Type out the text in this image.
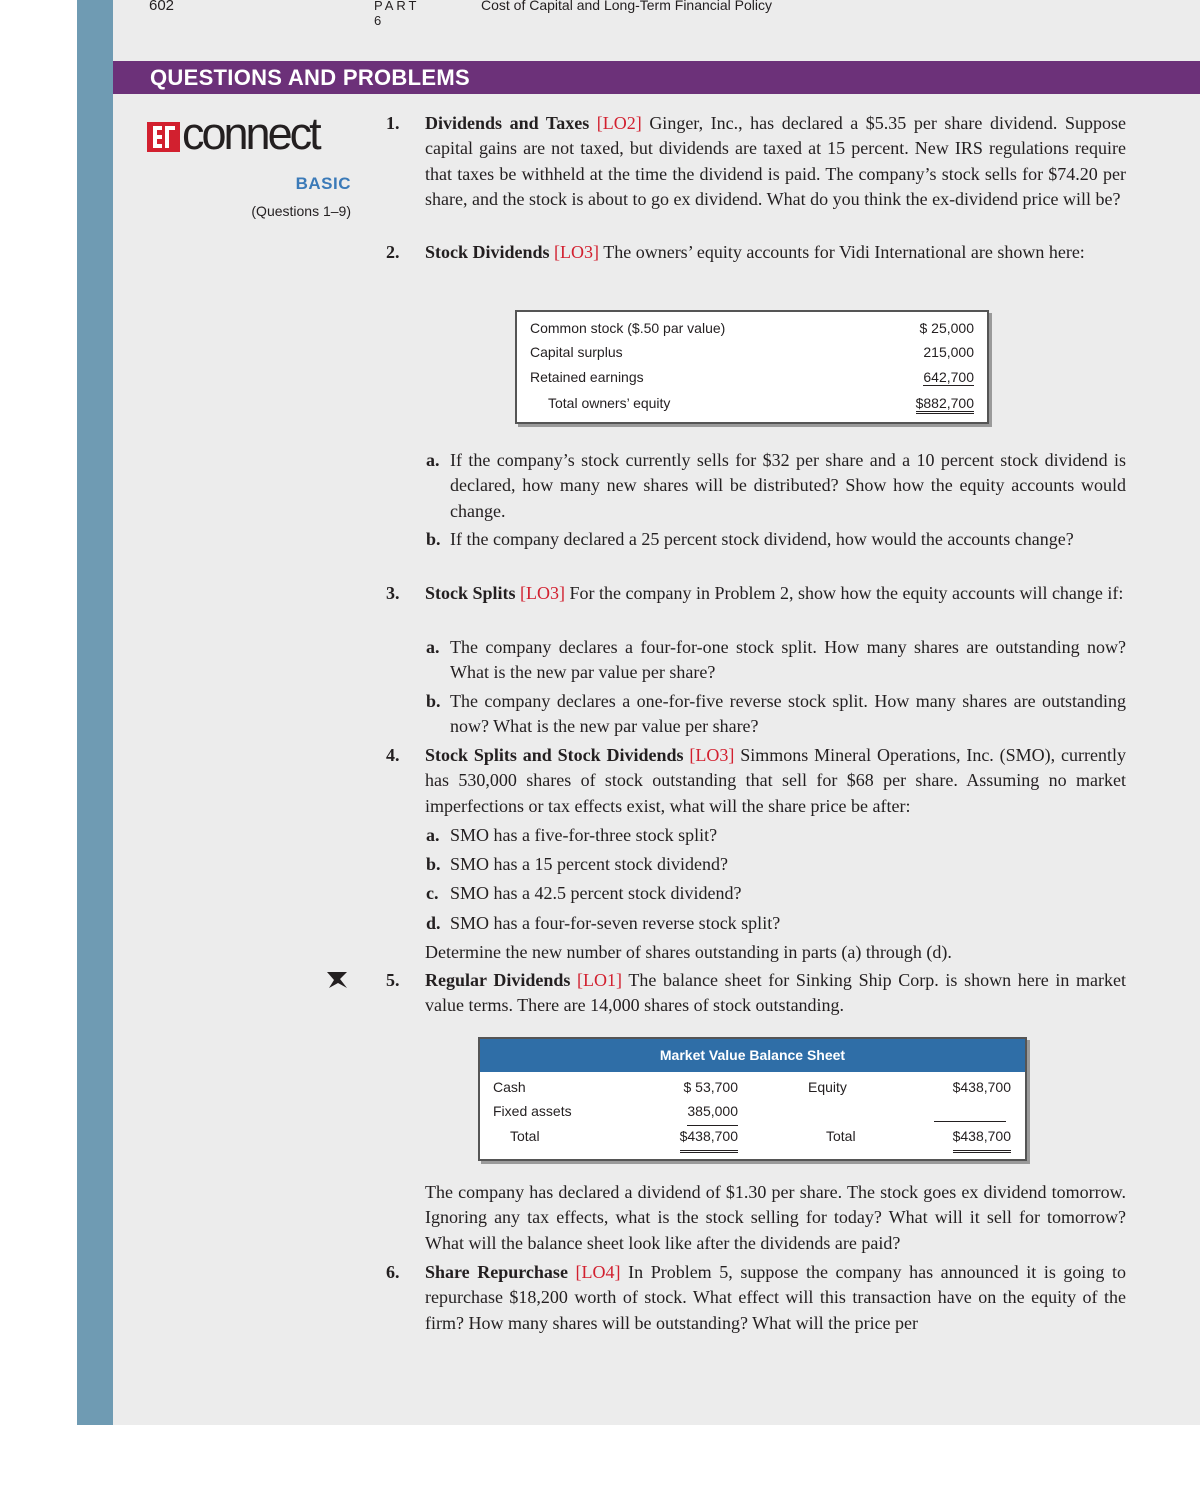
602	PART 6
Cost of Capital and Long-Term Financial Policy
QUESTIONS AND PROBLEMS
connect
BASIC
(Questions 1–9)
1. Dividends and Taxes [LO2] Ginger, Inc., has declared a $5.35 per share dividend. Suppose capital gains are not taxed, but dividends are taxed at 15 percent. New IRS regulations require that taxes be withheld at the time the dividend is paid. The company’s stock sells for $74.20 per share, and the stock is about to go ex dividend. What do you think the ex-dividend price will be?
2. Stock Dividends [LO3] The owners’ equity accounts for Vidi International are shown here:
Common stock ($.50 par value)	$ 25,000
Capital surplus	215,000
Retained earnings	642,700
Total owners’ equity	$882,700
a. If the company’s stock currently sells for $32 per share and a 10 percent stock dividend is declared, how many new shares will be distributed? Show how the equity accounts would change.
b. If the company declared a 25 percent stock dividend, how would the accounts change?
3. Stock Splits [LO3] For the company in Problem 2, show how the equity accounts will change if:
a. The company declares a four-for-one stock split. How many shares are outstanding now? What is the new par value per share?
b. The company declares a one-for-five reverse stock split. How many shares are outstanding now? What is the new par value per share?
4. Stock Splits and Stock Dividends [LO3] Simmons Mineral Operations, Inc. (SMO), currently has 530,000 shares of stock outstanding that sell for $68 per share. Assuming no market imperfections or tax effects exist, what will the share price be after:
a. SMO has a five-for-three stock split?
b. SMO has a 15 percent stock dividend?
c. SMO has a 42.5 percent stock dividend?
d. SMO has a four-for-seven reverse stock split?
Determine the new number of shares outstanding in parts (a) through (d).
5. Regular Dividends [LO1] The balance sheet for Sinking Ship Corp. is shown here in market value terms. There are 14,000 shares of stock outstanding.
Market Value Balance Sheet
Cash	$ 53,700	Equity	$438,700
Fixed assets	385,000
Total	$438,700	Total	$438,700
The company has declared a dividend of $1.30 per share. The stock goes ex dividend tomorrow. Ignoring any tax effects, what is the stock selling for today? What will it sell for tomorrow? What will the balance sheet look like after the dividends are paid?
6. Share Repurchase [LO4] In Problem 5, suppose the company has announced it is going to repurchase $18,200 worth of stock. What effect will this transaction have on the equity of the firm? How many shares will be outstanding? What will the price per
